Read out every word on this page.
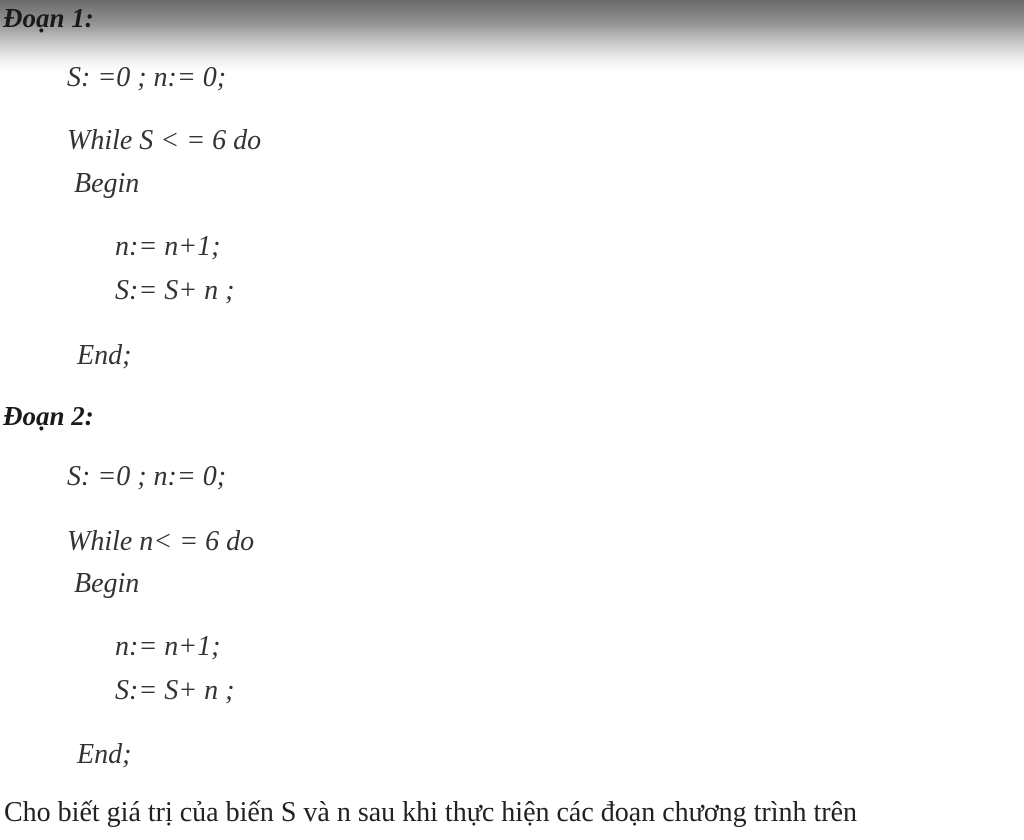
Đoạn 1:
S: =0 ; n:= 0;
While S < = 6 do
Begin
n:= n+1;
S:= S+ n ;
End;
Đoạn 2:
S: =0 ; n:= 0;
While n< = 6 do
Begin
n:= n+1;
S:= S+ n ;
End;
Cho biết giá trị của biến S và n sau khi thực hiện các đoạn chương trình trên
